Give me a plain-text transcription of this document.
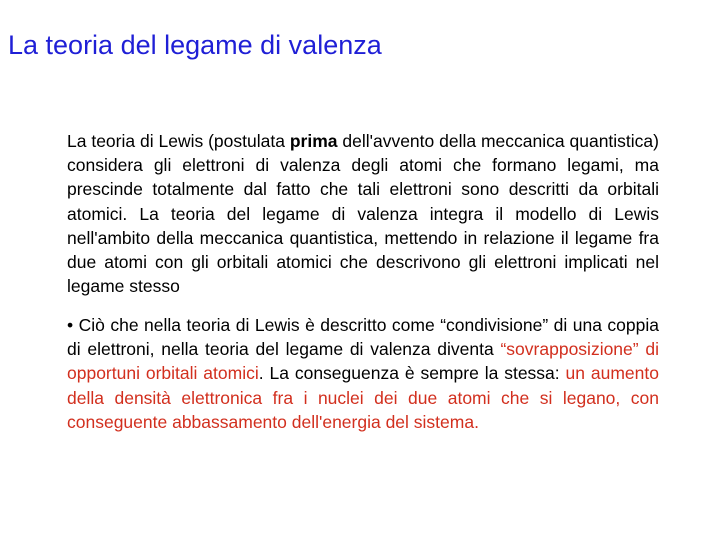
La teoria del legame di valenza

La teoria di Lewis (postulata prima dell'avvento della meccanica quantistica) considera gli elettroni di valenza degli atomi che formano legami, ma prescinde totalmente dal fatto che tali elettroni sono descritti da orbitali atomici. La teoria del legame di valenza integra il modello di Lewis nell'ambito della meccanica quantistica, mettendo in relazione il legame fra due atomi con gli orbitali atomici che descrivono gli elettroni implicati nel legame stesso

• Ciò che nella teoria di Lewis è descritto come “condivisione” di una coppia di elettroni, nella teoria del legame di valenza diventa “sovrapposizione” di opportuni orbitali atomici. La conseguenza è sempre la stessa: un aumento della densità elettronica fra i nuclei dei due atomi che si legano, con conseguente abbassamento dell'energia del sistema.
